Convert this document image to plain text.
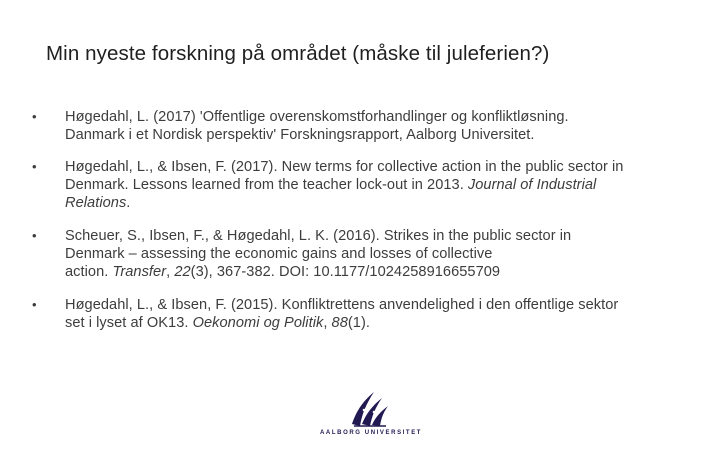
Min nyeste forskning på området (måske til juleferien?)
• Høgedahl, L. (2017) 'Offentlige overenskomstforhandlinger og konfliktløsning.
Danmark i et Nordisk perspektiv' Forskningsrapport, Aalborg Universitet.
• Høgedahl, L., & Ibsen, F. (2017). New terms for collective action in the public sector in
Denmark. Lessons learned from the teacher lock-out in 2013. Journal of Industrial
Relations.
• Scheuer, S., Ibsen, F., & Høgedahl, L. K. (2016). Strikes in the public sector in
Denmark – assessing the economic gains and losses of collective
action. Transfer, 22(3), 367-382. DOI: 10.1177/1024258916655709
• Høgedahl, L., & Ibsen, F. (2015). Konfliktrettens anvendelighed i den offentlige sektor
set i lyset af OK13. Oekonomi og Politik, 88(1).
AALBORG UNIVERSITET
